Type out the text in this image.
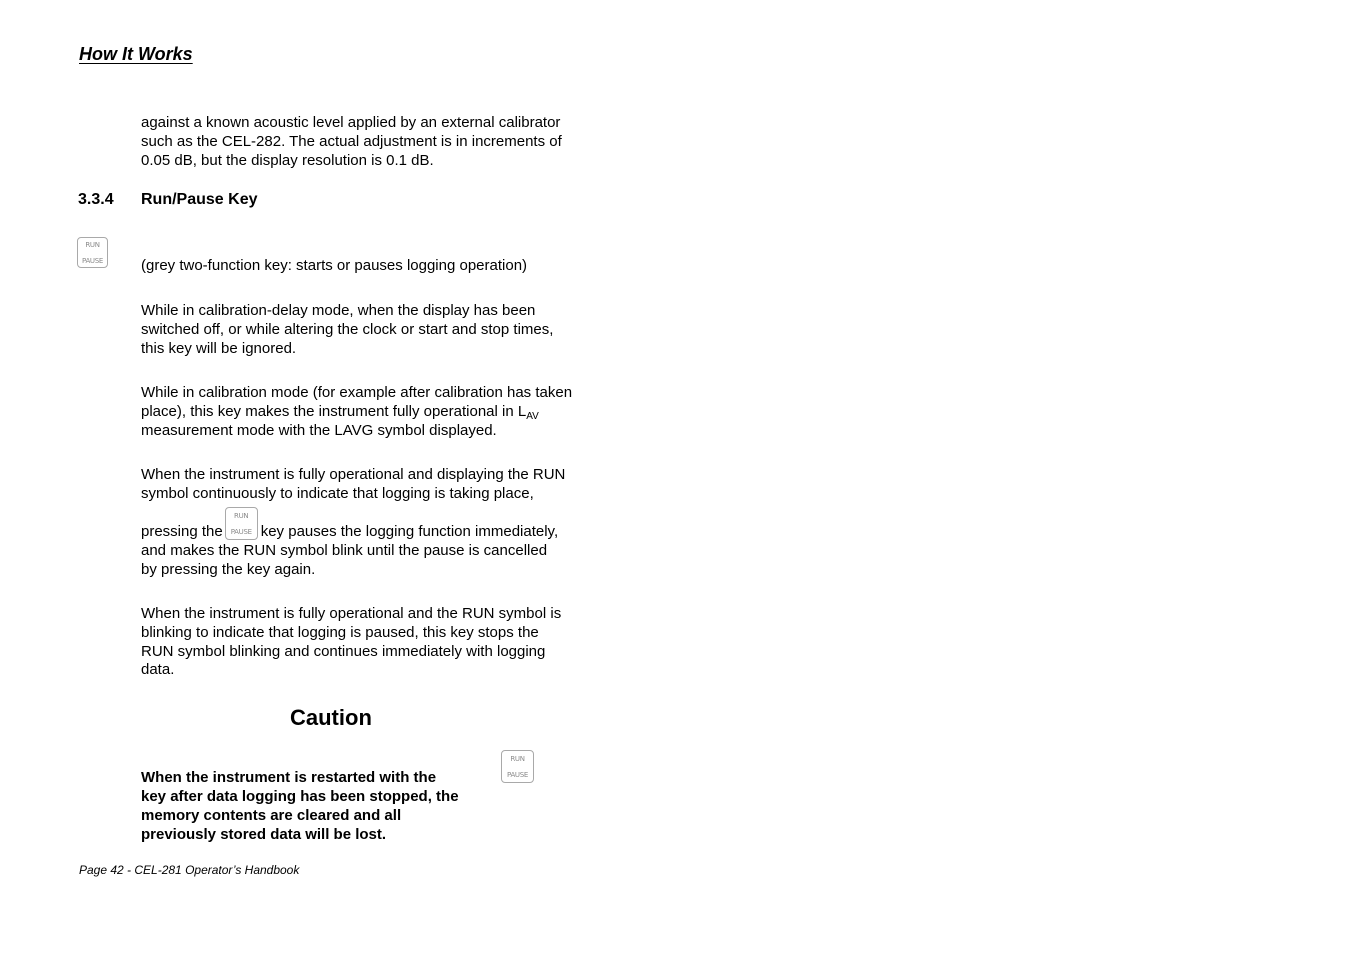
How It Works
against a known acoustic level applied by an external calibrator
such as the CEL-282. The actual adjustment is in increments of
0.05 dB, but the display resolution is 0.1 dB.
3.3.4 Run/Pause Key
RUN
PAUSE	(grey two-function key: starts or pauses logging operation)
While in calibration-delay mode, when the display has been
switched off, or while altering the clock or start and stop times,
this key will be ignored.
While in calibration mode (for example after calibration has taken
place), this key makes the instrument fully operational in $L_{AV}$
measurement mode with the LAVG symbol displayed.
When the instrument is fully operational and displaying the RUN
symbol continuously to indicate that logging is taking place,
pressing the
RUN
PAUSE key pauses the logging function immediately,
and makes the RUN symbol blink until the pause is cancelled
by pressing the key again.
When the instrument is fully operational and the RUN symbol is
blinking to indicate that logging is paused, this key stops the
RUN symbol blinking and continues immediately with logging
data.
Caution
When the instrument is restarted with the
RUN
PAUSE
key after data logging has been stopped, the
memory contents are cleared and all
previously stored data will be lost.
Page 42 - CEL-281 Operator’s Handbook
